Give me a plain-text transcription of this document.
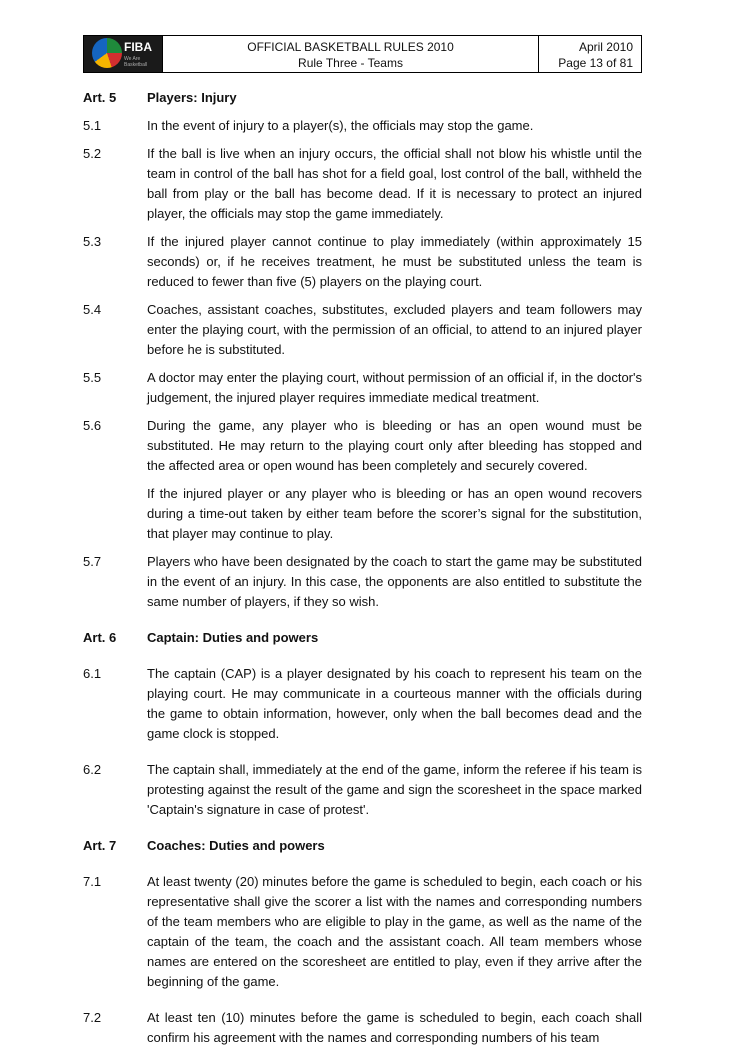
FIBA
We Are Basketball
OFFICIAL BASKETBALL RULES 2010
Rule Three - Teams
April 2010
Page 13 of 81
Art. 5	Players: Injury
5.1	In the event of injury to a player(s), the officials may stop the game.
5.2	If the ball is live when an injury occurs, the official shall not blow his whistle until the team in control of the ball has shot for a field goal, lost control of the ball, withheld the ball from play or the ball has become dead. If it is necessary to protect an injured player, the officials may stop the game immediately.
5.3	If the injured player cannot continue to play immediately (within approximately 15 seconds) or, if he receives treatment, he must be substituted unless the team is reduced to fewer than five (5) players on the playing court.
5.4	Coaches, assistant coaches, substitutes, excluded players and team followers may enter the playing court, with the permission of an official, to attend to an injured player before he is substituted.
5.5	A doctor may enter the playing court, without permission of an official if, in the doctor's judgement, the injured player requires immediate medical treatment.
5.6	During the game, any player who is bleeding or has an open wound must be substituted. He may return to the playing court only after bleeding has stopped and the affected area or open wound has been completely and securely covered.
If the injured player or any player who is bleeding or has an open wound recovers during a time-out taken by either team before the scorer’s signal for the substitution, that player may continue to play.
5.7	Players who have been designated by the coach to start the game may be substituted in the event of an injury. In this case, the opponents are also entitled to substitute the same number of players, if they so wish.
Art. 6	Captain: Duties and powers
6.1	The captain (CAP) is a player designated by his coach to represent his team on the playing court. He may communicate in a courteous manner with the officials during the game to obtain information, however, only when the ball becomes dead and the game clock is stopped.
6.2	The captain shall, immediately at the end of the game, inform the referee if his team is protesting against the result of the game and sign the scoresheet in the space marked 'Captain's signature in case of protest'.
Art. 7	Coaches: Duties and powers
7.1	At least twenty (20) minutes before the game is scheduled to begin, each coach or his representative shall give the scorer a list with the names and corresponding numbers of the team members who are eligible to play in the game, as well as the name of the captain of the team, the coach and the assistant coach. All team members whose names are entered on the scoresheet are entitled to play, even if they arrive after the beginning of the game.
7.2	At least ten (10) minutes before the game is scheduled to begin, each coach shall confirm his agreement with the names and corresponding numbers of his team
